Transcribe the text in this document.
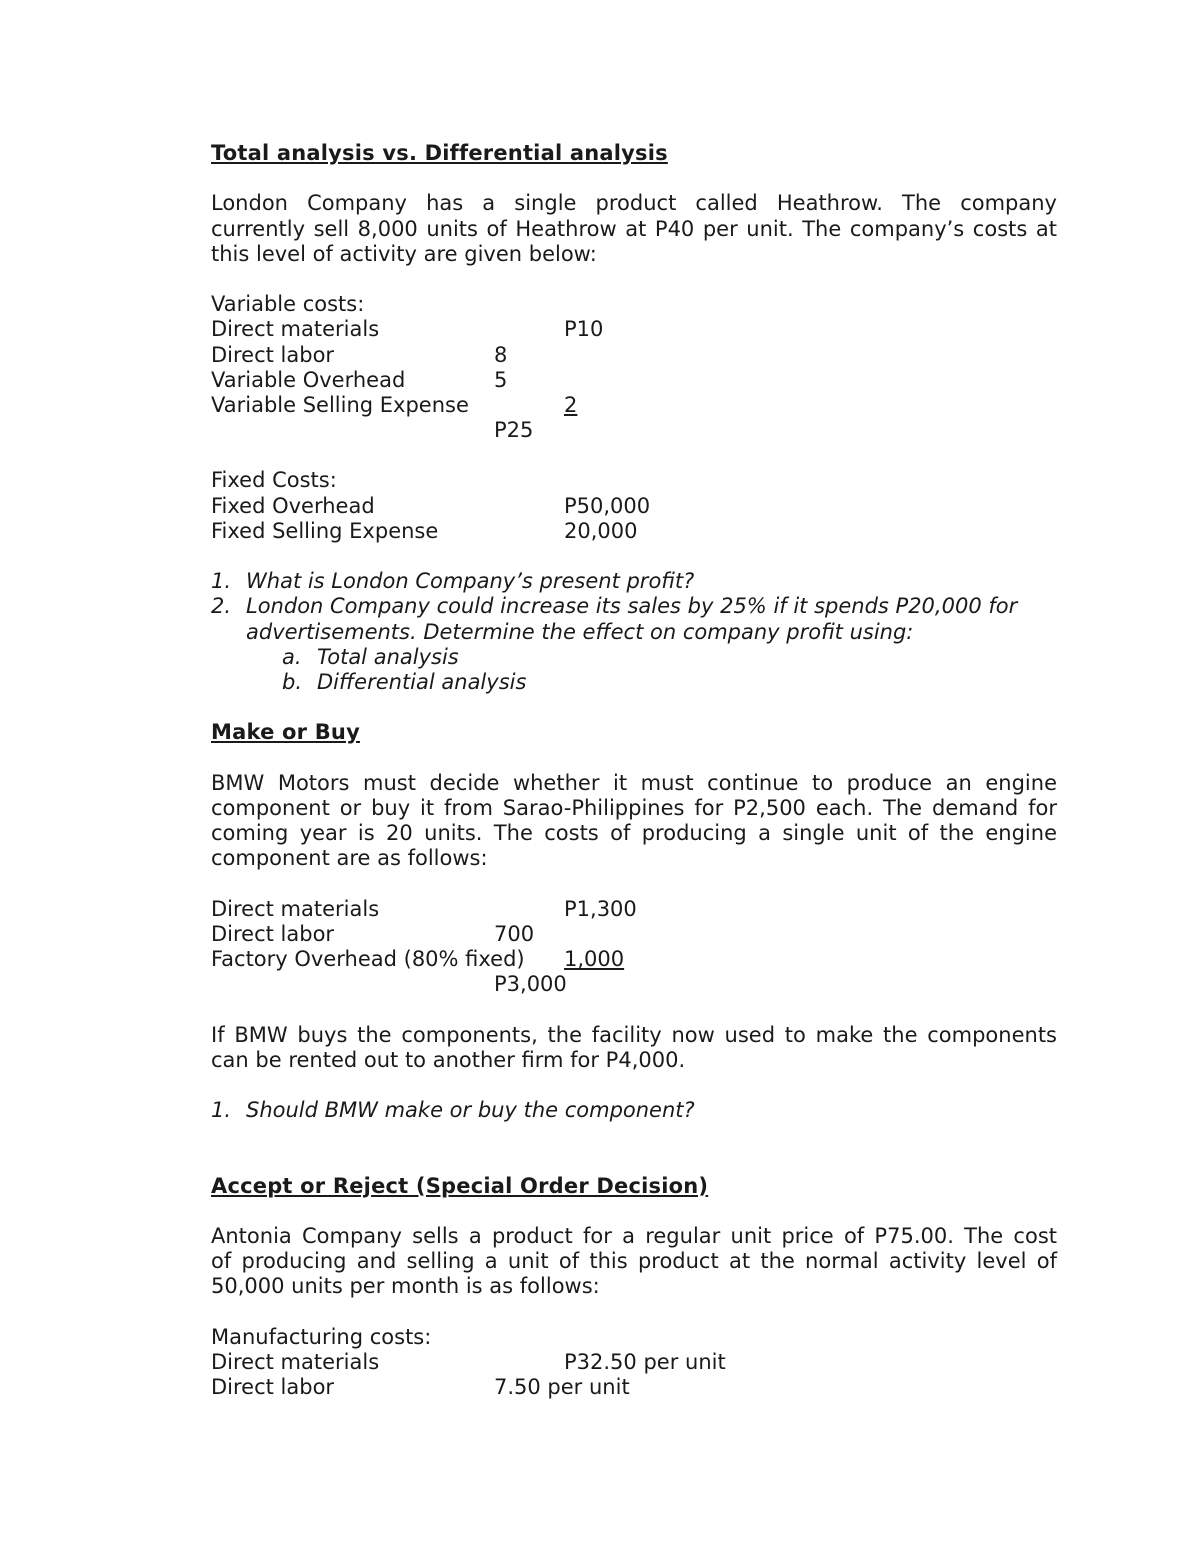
Total analysis vs. Differential analysis
London Company has a single product called Heathrow. The company
currently sell 8,000 units of Heathrow at P40 per unit. The company’s costs at
this level of activity are given below:
Variable costs:
Direct materials	P10
Direct labor	8
Variable Overhead	5
Variable Selling Expense	2
P25
Fixed Costs:
Fixed Overhead	P50,000
Fixed Selling Expense	20,000
1. What is London Company’s present profit?
2. London Company could increase its sales by 25% if it spends P20,000 for
advertisements. Determine the effect on company profit using:
a. Total analysis
b. Differential analysis
Make or Buy
BMW Motors must decide whether it must continue to produce an engine
component or buy it from Sarao-Philippines for P2,500 each. The demand for
coming year is 20 units. The costs of producing a single unit of the engine
component are as follows:
Direct materials	P1,300
Direct labor	700
Factory Overhead (80% fixed) 1,000
P3,000
If BMW buys the components, the facility now used to make the components
can be rented out to another firm for P4,000.
1. Should BMW make or buy the component?
Accept or Reject (Special Order Decision)
Antonia Company sells a product for a regular unit price of P75.00. The cost
of producing and selling a unit of this product at the normal activity level of
50,000 units per month is as follows:
Manufacturing costs:
Direct materials	P32.50 per unit
Direct labor	7.50 per unit
